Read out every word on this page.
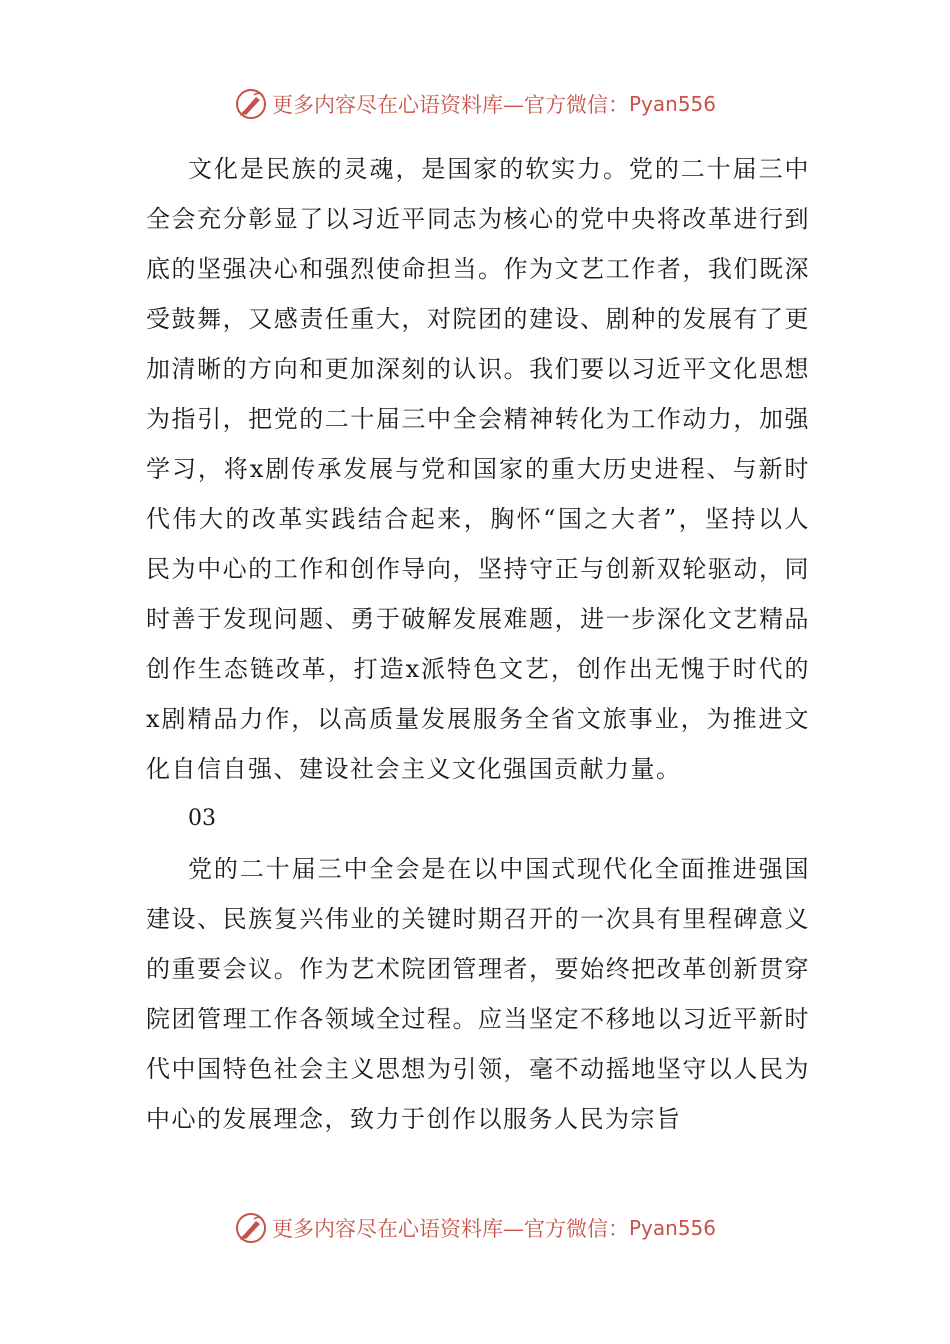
更多内容尽在心语资料库—官方微信： Pyan556

文化是民族的灵魂，是国家的软实力。党的二十届三中全会充分彰显了以习近平同志为核心的党中央将改革进行到底的坚强决心和强烈使命担当。作为文艺工作者，我们既深受鼓舞，又感责任重大，对院团的建设、剧种的发展有了更加清晰的方向和更加深刻的认识。我们要以习近平文化思想为指引，把党的二十届三中全会精神转化为工作动力，加强学习，将x剧传承发展与党和国家的重大历史进程、与新时代伟大的改革实践结合起来，胸怀“国之大者”，坚持以人民为中心的工作和创作导向，坚持守正与创新双轮驱动，同时善于发现问题、勇于破解发展难题，进一步深化文艺精品创作生态链改革，打造x派特色文艺，创作出无愧于时代的x剧精品力作，以高质量发展服务全省文旅事业，为推进文化自信自强、建设社会主义文化强国贡献力量。

03

党的二十届三中全会是在以中国式现代化全面推进强国建设、民族复兴伟业的关键时期召开的一次具有里程碑意义的重要会议。作为艺术院团管理者，要始终把改革创新贯穿院团管理工作各领域全过程。应当坚定不移地以习近平新时代中国特色社会主义思想为引领，毫不动摇地坚守以人民为中心的发展理念，致力于创作以服务人民为宗旨

更多内容尽在心语资料库—官方微信： Pyan556
